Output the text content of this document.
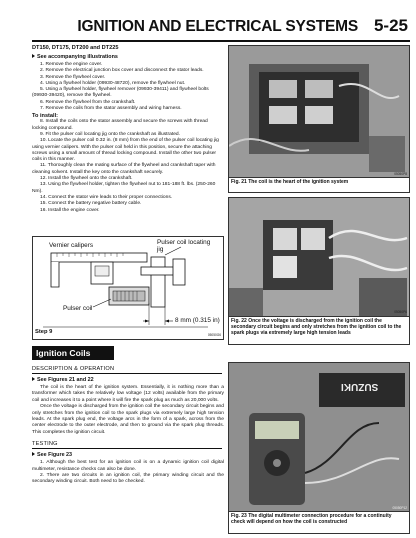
IGNITION AND ELECTRICAL SYSTEMS 5-25
DT150, DT175, DT200 and DT225
See accompanying illustrations

1. Remove the engine cover.

2. Remove the electrical junction box cover and disconnect the stator leads.

3. Remove the flywheel cover.

4. Using a flywheel holder (09930-48720), remove the flywheel nut.

5. Using a flywheel holder, flywheel remover (09930-39411) and flywheel bolts (09930-39420), remove the flywheel.

6. Remove the flywheel from the crankshaft.

7. Remove the coils from the stator assembly and wiring harness.

To install:

8. Install the coils onto the stator assembly and secure the screws with thread locking compound.

9. Fit the pulser coil locating jig onto the crankshaft as illustrated.

10. Locate the pulser coil 0.32 in. (8 mm) from the end of the pulser coil locating jig using vernier calipers. With the pulser coil held in this position, secure the attaching screws using a small amount of thread locking compound. Install the other two pulser coils in this manner.

11. Thoroughly clean the mating surface of the flywheel and crankshaft taper with cleaning solvent. Install the key onto the crankshaft securely.

12. Install the flywheel onto the crankshaft.

13. Using the flywheel holder, tighten the flywheel nut to 181-188 ft. lbs. (250-260 Nm).

14. Connect the stator wire leads to their proper connections.

15. Connect the battery negative battery cable.

16. Install the engine cover.

Vernier calipers	Pulser coil locating jig
Pulser coil
8 mm (0.315 in)
Step 9	05050G6
Fig. 21 The coil is the heart of the ignition system
05050P8
Fig. 22 Once the voltage is discharged from the ignition coil the secondary circuit begins and only stretches from the ignition coil to the spark plugs via extremely large high tension leads
05050P6
SUZUKI
Fig. 23 The digital multimeter connection procedure for a continuity check will depend on how the coil is constructed
05050P12
Ignition Coils
DESCRIPTION & OPERATION
See Figures 21 and 22

The coil is the heart of the ignition system. Essentially, it is nothing more than a transformer which takes the relatively low voltage (12 volts) available from the primary coil and increases it to a point where it will fire the spark plug as much as 20,000 volts.

Once the voltage is discharged from the ignition coil the secondary circuit begins and only stretches from the ignition coil to the spark plugs via extremely large high tension leads. At the spark plug end, the voltage arcs in the form of a spark, across from the center electrode to the outer electrode, and then to ground via the spark plug threads. This completes the ignition circuit.

TESTING
See Figure 23

1. Although the best test for an ignition coil is on a dynamic ignition coil digital multimeter, resistance checks can also be done.

2. There are two circuits in an ignition coil, the primary winding circuit and the secondary winding circuit. Both need to be checked.
